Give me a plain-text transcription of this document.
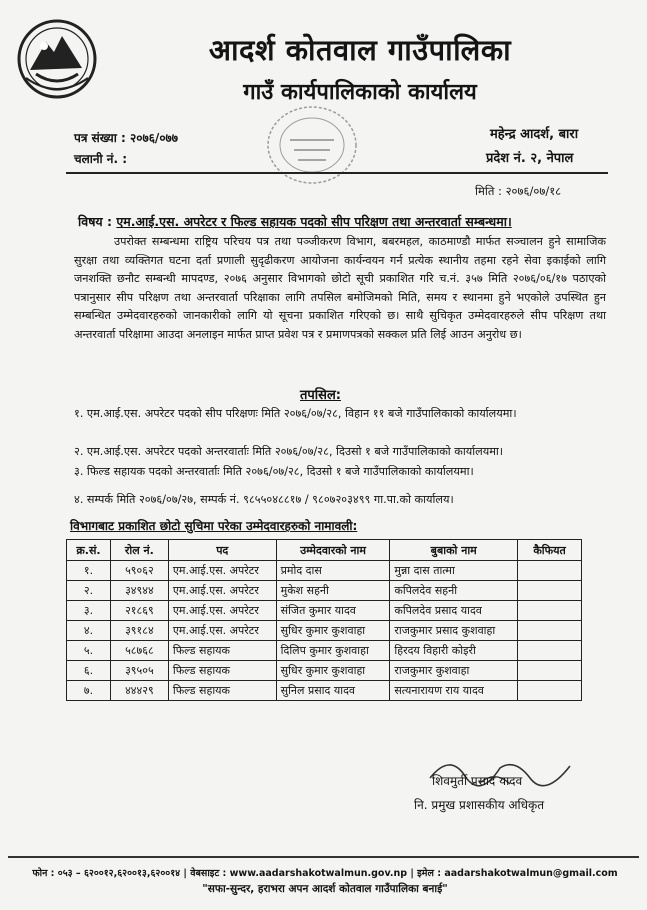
आदर्श कोतवाल गाउँपालिका
गाउँ कार्यपालिकाको कार्यालय
पत्र संख्या : २०७६/०७७
चलानी नं. :
महेन्द्र आदर्श, बारा
प्रदेश नं. २, नेपाल
मिति : २०७६/०७/१८
विषय : एम.आई.एस. अपरेटर र फिल्ड सहायक पदको सीप परिक्षण तथा अन्तरवार्ता सम्बन्धमा।
उपरोक्त सम्बन्धमा राष्ट्रिय परिचय पत्र तथा पञ्जीकरण विभाग, बबरमहल, काठमाण्डौ मार्फत सञ्चालन हुने सामाजिक सुरक्षा तथा व्यक्तिगत घटना दर्ता प्रणाली सुदृढीकरण आयोजना कार्यन्वयन गर्न प्रत्येक स्थानीय तहमा रहने सेवा इकाईको लागि जनशक्ति छनौट सम्बन्धी मापदण्ड, २०७६ अनुसार विभागको छोटो सूची प्रकाशित गरि च.नं. ३५७ मिति २०७६/०६/१७ पठाएको पत्रानुसार सीप परिक्षण तथा अन्तरवार्ता परिक्षाका लागि तपसिल बमोजिमको मिति, समय र स्थानमा हुने भएकोले उपस्थित हुन सम्बन्धित उम्मेदवारहरुको जानकारीको लागि यो सूचना प्रकाशित गरिएको छ। साथै सुचिकृत उम्मेदवारहरुले सीप परिक्षण तथा अन्तरवार्ता परिक्षामा आउदा अनलाइन मार्फत प्राप्त प्रवेश पत्र र प्रमाणपत्रको सक्कल प्रति लिई आउन अनुरोध छ।
तपसिल:
१. एम.आई.एस. अपरेटर पदको सीप परिक्षणः मिति २०७६/०७/२८, विहान ११ बजे गाउँपालिकाको कार्यालयमा।
२. एम.आई.एस. अपरेटर पदको अन्तरवार्ताः मिति २०७६/०७/२८, दिउसो १ बजे गाउँपालिकाको कार्यालयमा।
३. फिल्ड सहायक पदको अन्तरवार्ताः मिति २०७६/०७/२८, दिउसो १ बजे गाउँपालिकाको कार्यालयमा।
४. सम्पर्क मिति २०७६/०७/२७, सम्पर्क नं. ९८५५०४८८१७ / ९८०७२०३४९९ गा.पा.को कार्यालय।
विभागबाट प्रकाशित छोटो सुचिमा परेका उम्मेदवारहरुको नामावली:
क्र.सं.	रोल नं.	पद	उम्मेदवारको नाम	बुबाको नाम	कैफियत
१.	५९०६२	एम.आई.एस. अपरेटर	प्रमोद दास	मुन्ना दास तात्मा	
२.	३४९४४	एम.आई.एस. अपरेटर	मुकेश सहनी	कपिलदेव सहनी	
३.	२१८६९	एम.आई.एस. अपरेटर	संजित कुमार यादव	कपिलदेव प्रसाद यादव	
४.	३९१८४	एम.आई.एस. अपरेटर	सुधिर कुमार कुशवाहा	राजकुमार प्रसाद कुशवाहा	
५.	५८७६८	फिल्ड सहायक	दिलिप कुमार कुशवाहा	हिरदय विहारी कोइरी	
६.	३९५०५	फिल्ड सहायक	सुधिर कुमार कुशवाहा	राजकुमार कुशवाहा	
७.	४४४२९	फिल्ड सहायक	सुनिल प्रसाद यादव	सत्यनारायण राय यादव	
शिवमुर्ती प्रसाद यादव
नि. प्रमुख प्रशासकीय अधिकृत
फोन : ०५३ – ६२००१२,६२००१३,६२००१४ | वेबसाइट : www.aadarshakotwalmun.gov.np | इमेल : aadarshakotwalmun@gmail.com
"सफा-सुन्दर, हराभरा अपन आदर्श कोतवाल गाउँपालिका बनाई"
